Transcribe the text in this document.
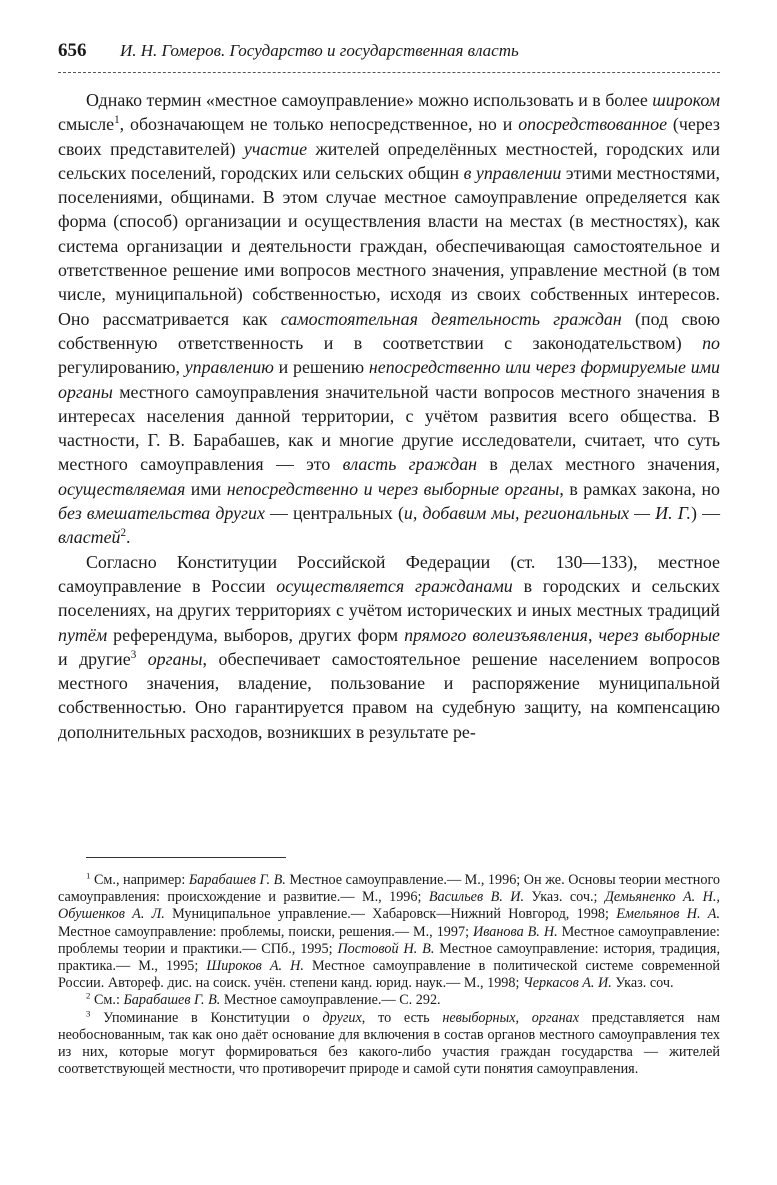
656 И. Н. Гомеров. Государство и государственная власть

Однако термин «местное самоуправление» можно использовать и в более широком смысле$^1$, обозначающем не только непосредственное, но и опосредствованное (через своих представителей) участие жителей определённых местностей, городских или сельских поселений, городских или сельских общин в управлении этими местностями, поселениями, общинами. В этом случае местное самоуправление определяется как форма (способ) организации и осуществления власти на местах (в местностях), как система организации и деятельности граждан, обеспечивающая самостоятельное и ответственное решение ими вопросов местного значения, управление местной (в том числе, муниципальной) собственностью, исходя из своих собственных интересов. Оно рассматривается как самостоятельная деятельность граждан (под свою собственную ответственность и в соответствии с законодательством) по регулированию, управлению и решению непосредственно или через формируемые ими органы местного самоуправления значительной части вопросов местного значения в интересах населения данной территории, с учётом развития всего общества. В частности, Г. В. Барабашев, как и многие другие исследователи, считает, что суть местного самоуправления — это власть граждан в делах местного значения, осуществляемая ими непосредственно и через выборные органы, в рамках закона, но без вмешательства других — центральных (и, добавим мы, региональных — И. Г.) — властей$^2$.

Согласно Конституции Российской Федерации (ст. 130—133), местное самоуправление в России осуществляется гражданами в городских и сельских поселениях, на других территориях с учётом исторических и иных местных традиций путём референдума, выборов, других форм прямого волеизъявления, через выборные и другие$^3$ органы, обеспечивает самостоятельное решение населением вопросов местного значения, владение, пользование и распоряжение муниципальной собственностью. Оно гарантируется правом на судебную защиту, на компенсацию дополнительных расходов, возникших в результате ре-

$^1$ См., например: Барабашев Г. В. Местное самоуправление.— М., 1996; Он же. Основы теории местного самоуправления: происхождение и развитие.— М., 1996; Васильев В. И. Указ. соч.; Демьяненко А. Н., Обушенков А. Л. Муниципальное управление.— Хабаровск—Нижний Новгород, 1998; Емельянов Н. А. Местное самоуправление: проблемы, поиски, решения.— М., 1997; Иванова В. Н. Местное самоуправление: проблемы теории и практики.— СПб., 1995; Постовой Н. В. Местное самоуправление: история, традиция, практика.— М., 1995; Широков А. Н. Местное самоуправление в политической системе современной России. Автореф. дис. на соиск. учён. степени канд. юрид. наук.— М., 1998; Черкасов А. И. Указ. соч.

$^2$ См.: Барабашев Г. В. Местное самоуправление.— С. 292.

$^3$ Упоминание в Конституции о других, то есть невыборных, органах представляется нам необоснованным, так как оно даёт основание для включения в состав органов местного самоуправления тех из них, которые могут формироваться без какого-либо участия граждан государства — жителей соответствующей местности, что противоречит природе и самой сути понятия самоуправления.
